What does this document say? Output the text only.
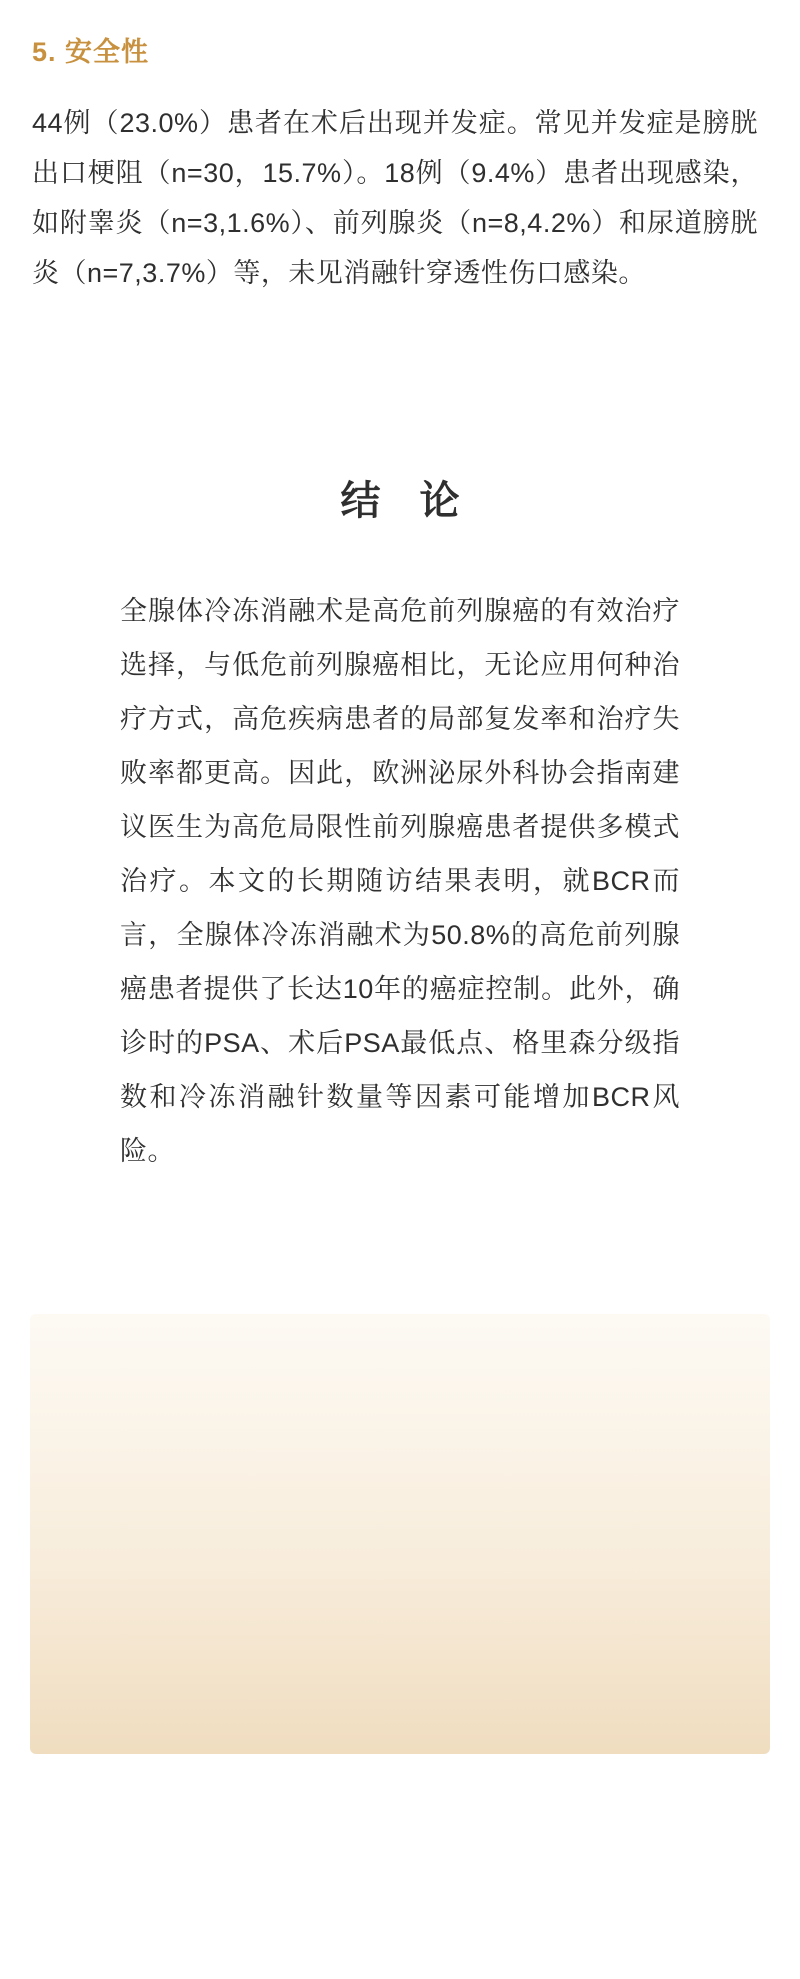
5. 安全性

44例（23.0%）患者在术后出现并发症。常见并发症是膀胱出口梗阻（n=30，15.7%）。18例（9.4%）患者出现感染，如附睾炎（n=3,1.6%）、前列腺炎（n=8,4.2%）和尿道膀胱炎（n=7,3.7%）等，未见消融针穿透性伤口感染。

结 论

全腺体冷冻消融术是高危前列腺癌的有效治疗选择，与低危前列腺癌相比，无论应用何种治疗方式，高危疾病患者的局部复发率和治疗失败率都更高。因此，欧洲泌尿外科协会指南建议医生为高危局限性前列腺癌患者提供多模式治疗。本文的长期随访结果表明，就BCR而言，全腺体冷冻消融术为50.8%的高危前列腺癌患者提供了长达10年的癌症控制。此外，确诊时的PSA、术后PSA最低点、格里森分级指数和冷冻消融针数量等因素可能增加BCR风险。
